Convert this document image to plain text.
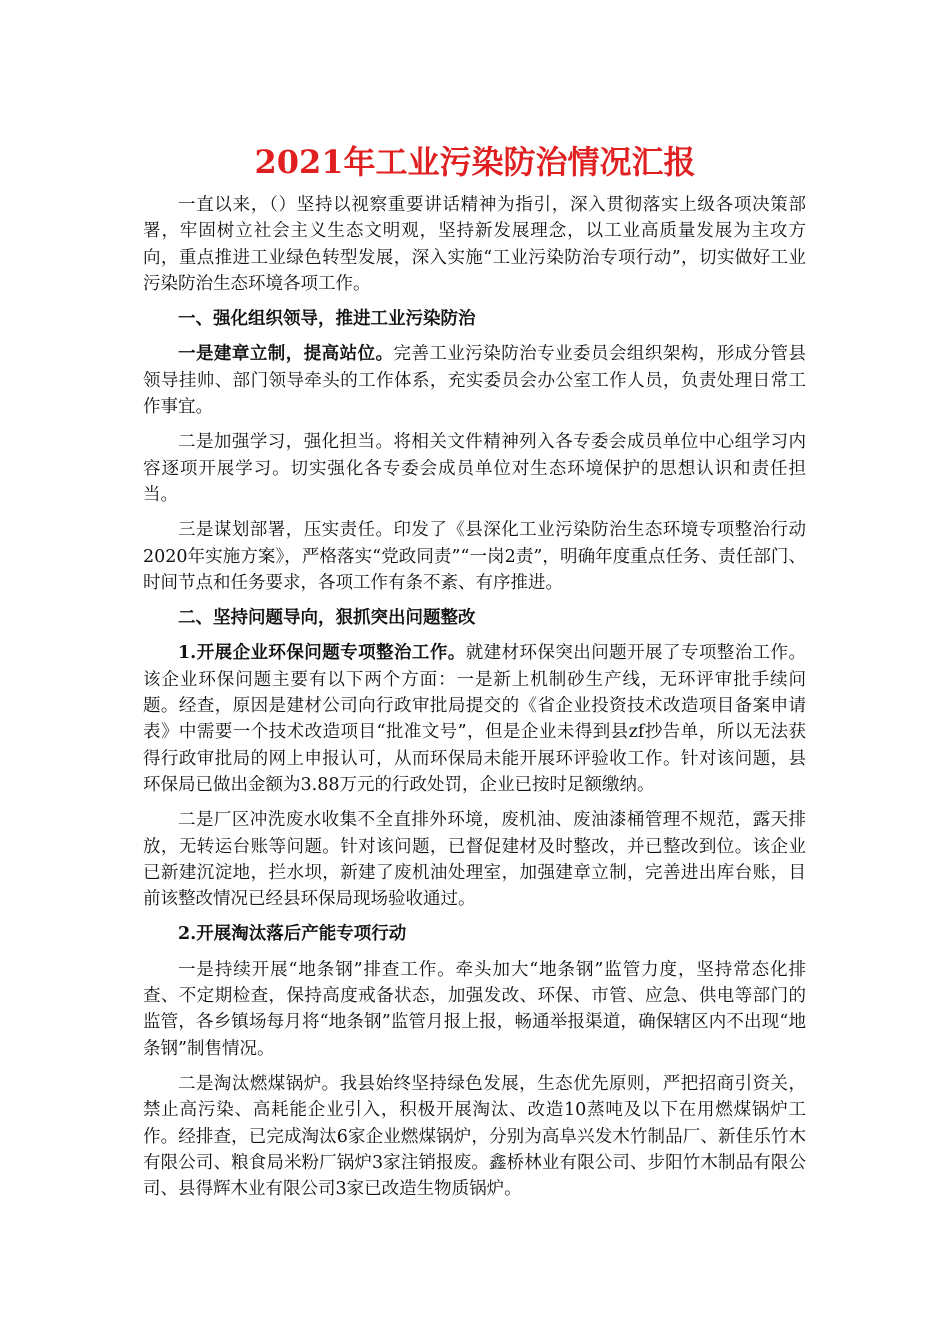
2021年工业污染防治情况汇报

一直以来，（）坚持以视察重要讲话精神为指引，深入贯彻落实上级各项决策部署，牢固树立社会主义生态文明观，坚持新发展理念，以工业高质量发展为主攻方向，重点推进工业绿色转型发展，深入实施“工业污染防治专项行动”，切实做好工业污染防治生态环境各项工作。

一、强化组织领导，推进工业污染防治

一是建章立制，提高站位。完善工业污染防治专业委员会组织架构，形成分管县领导挂帅、部门领导牵头的工作体系，充实委员会办公室工作人员，负责处理日常工作事宜。

二是加强学习，强化担当。将相关文件精神列入各专委会成员单位中心组学习内容逐项开展学习。切实强化各专委会成员单位对生态环境保护的思想认识和责任担当。

三是谋划部署，压实责任。印发了《县深化工业污染防治生态环境专项整治行动2020年实施方案》，严格落实“党政同责”“一岗2责”，明确年度重点任务、责任部门、时间节点和任务要求，各项工作有条不紊、有序推进。

二、坚持问题导向，狠抓突出问题整改

1.开展企业环保问题专项整治工作。就建材环保突出问题开展了专项整治工作。该企业环保问题主要有以下两个方面：一是新上机制砂生产线，无环评审批手续问题。经查，原因是建材公司向行政审批局提交的《省企业投资技术改造项目备案申请表》中需要一个技术改造项目“批准文号”，但是企业未得到县zf抄告单，所以无法获得行政审批局的网上申报认可，从而环保局未能开展环评验收工作。针对该问题，县环保局已做出金额为3.88万元的行政处罚，企业已按时足额缴纳。

二是厂区冲洗废水收集不全直排外环境，废机油、废油漆桶管理不规范，露天排放，无转运台账等问题。针对该问题，已督促建材及时整改，并已整改到位。该企业已新建沉淀地，拦水坝，新建了废机油处理室，加强建章立制，完善进出库台账，目前该整改情况已经县环保局现场验收通过。

2.开展淘汰落后产能专项行动

一是持续开展“地条钢”排查工作。牵头加大“地条钢”监管力度，坚持常态化排查、不定期检查，保持高度戒备状态，加强发改、环保、市管、应急、供电等部门的监管，各乡镇场每月将“地条钢”监管月报上报，畅通举报渠道，确保辖区内不出现“地条钢”制售情况。

二是淘汰燃煤锅炉。我县始终坚持绿色发展，生态优先原则，严把招商引资关，禁止高污染、高耗能企业引入，积极开展淘汰、改造10蒸吨及以下在用燃煤锅炉工作。经排查，已完成淘汰6家企业燃煤锅炉，分别为高阜兴发木竹制品厂、新佳乐竹木有限公司、粮食局米粉厂锅炉3家注销报废。鑫桥林业有限公司、步阳竹木制品有限公司、县得辉木业有限公司3家已改造生物质锅炉。
